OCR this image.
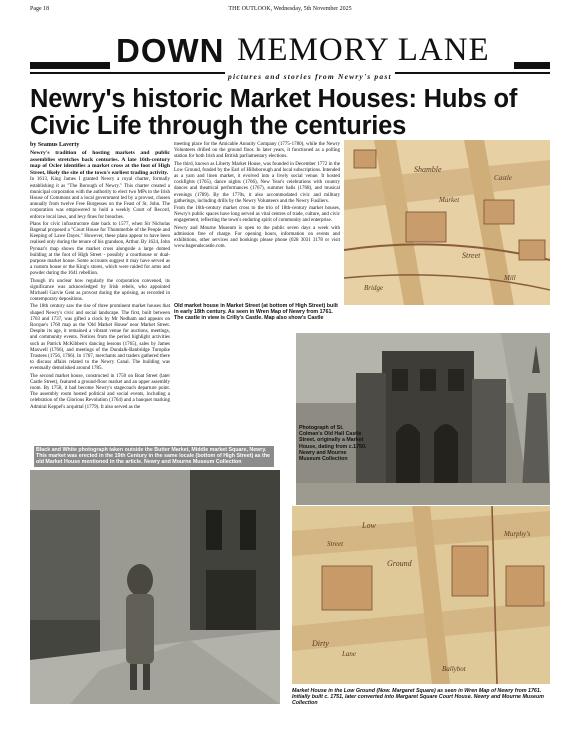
Page 18	THE OUTLOOK, Wednesday, 5th November 2025
DOWN MEMORY LANE
pictures and stories from Newry's past
Newry's historic Market Houses: Hubs of Civic Life through the centuries
by Seamus Laverty

Newry's tradition of hosting markets and public assemblies stretches back centuries. A late 16th-century map of Ocler identifies a market cross at the foot of High Street, likely the site of the town's earliest trading activity.

In 1613, King James I granted Newry a royal charter, formally establishing it as "The Borough of Newry." This charter created a municipal corporation with the authority to elect two MPs to the Irish House of Commons and a local government led by a provost, chosen annually from twelve Free Burgesses on the Feast of St. John. The corporation was empowered to hold a weekly Court of Record, enforce local laws, and levy fines for breaches.

Plans for civic infrastructure date back to 1577, when Sir Nicholas Bagenal proposed a "Court House for Thummerble of the People and Keeping of Lawe Dayes." However, these plans appear to have been realised only during the tenure of his grandson, Arthur. By 1624, John Pynnar's map shows the market cross alongside a large domed building at the foot of High Street - possibly a courthouse or dual-purpose market house. Some accounts suggest it may have served as a custom house or the King's stores, which were raided for arms and powder during the 1641 rebellion.

Though it's unclear how regularly the corporation convened, its significance was acknowledged by Irish rebels, who appointed Michaell Garvie Gent as provost during the uprising, as recorded in contemporary depositions.

The 18th century saw the rise of three prominent market houses that shaped Newry's civic and social landscape. The first, built between 1703 and 1737, was gifted a clock by Mr Nedham and appears on Rocque's 1760 map as the 'Old Market House' near Market Street. Despite its age, it remained a vibrant venue for auctions, meetings, and community events. Notices from the period highlight activities such as Patrick McKibben's dancing lessons (1765), sales by James Maxwell (1766), and meetings of the Dundalk-Banbridge Turnpike Trustees (1756, 1766). In 1767, merchants and traders gathered there to discuss affairs related to the Newry Canal. The building was eventually demolished around 1785.

The second market house, constructed in 1750 on Boat Street (later Castle Street), featured a ground-floor market and an upper assembly room. By 1758, it had become Newry's stagecoach departure point. The assembly room hosted political and social events, including a celebration of the Glorious Revolution (1764) and a banquet marking Admiral Keppel's acquittal (1779). It also served as the

meeting place for the Amicable Annuity Company (1775-1780), while the Newry Volunteers drilled on the ground floor. In later years, it functioned as a polling station for both Irish and British parliamentary elections.

The third, known as Liberty Market House, was founded in December 1772 in the Low Ground, funded by the Earl of Hillsborough and local subscriptions. Intended as a yarn and linen market, it evolved into a lively social venue. It hosted cockfights (1765), dance nights (1766), New Year's celebrations with country dances and theatrical performances (1767), summer balls (1768), and musical evenings (1789). By the 1770s, it also accommodated civic and military gatherings, including drills by the Newry Volunteers and the Newry Fusiliers.

From the 16th-century market cross to the trio of 18th-century market houses, Newry's public spaces have long served as vital centres of trade, culture, and civic engagement, reflecting the town's enduring spirit of community and enterprise.

Newry and Mourne Museum is open to the public seven days a week with admission free of charge. For opening hours, information on events and exhibitions, other services and bookings please phone (028 3031 3178 or visit www.bagenalscastle.com.

Shamble
Street
Castle
Bridge
Market
Mill
Old market house in Market Street (at bottom of High Street) built in early 18th century. As seen in Wren Map of Newry from 1761. The castle in view is Crilly's Castle. Map also show's Castle
Photograph of St. Colman's Old Hall Castle Street, originally a Market House, dating from c.1750. Newry and Mourne Museum Collection
Black and White photograph taken outside the Butter Market, Middle market Square, Newry. This market was erected in the 19th Century in the same locale (bottom of High Street) as the old Market House mentioned in the article. Newry and Mourne Museum Collection
Low
Ground
Street
Dirty
Lane
Ballybot
Murphy's
Market House in the Low Ground (Now. Margaret Square) as seen in Wren Map of Newry from 1761. Initially built c. 1751, later converted into Margaret Square Court House. Newry and Mourne Museum Collection
